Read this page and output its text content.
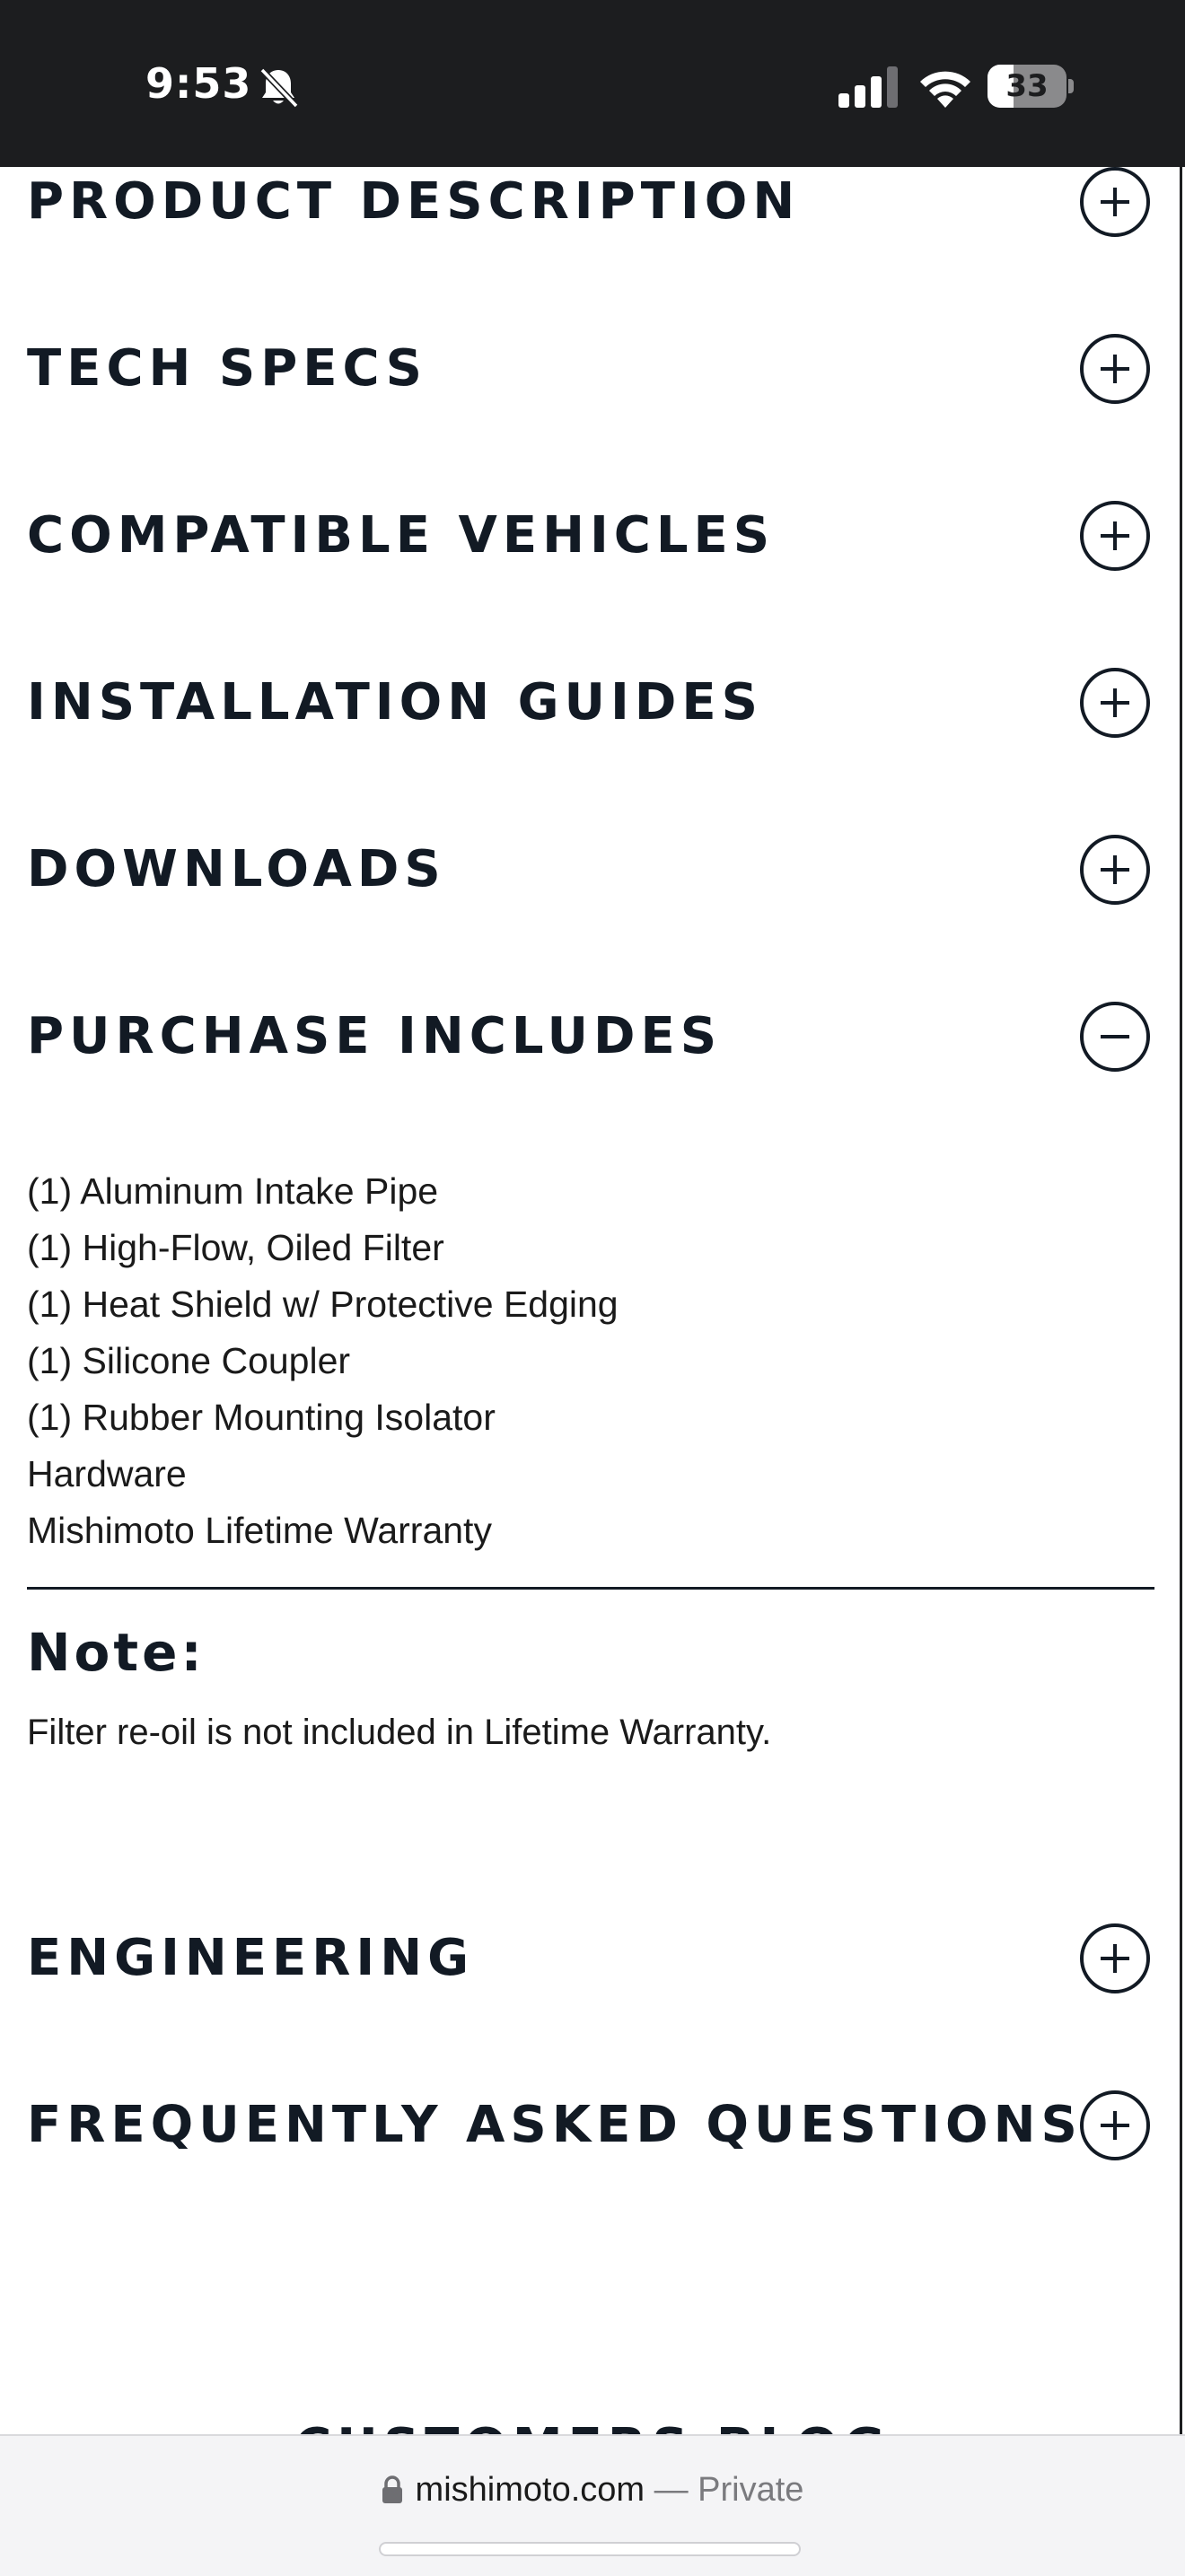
9:53	33
PRODUCT DESCRIPTION
TECH SPECS
COMPATIBLE VEHICLES
INSTALLATION GUIDES
DOWNLOADS
PURCHASE INCLUDES
(1) Aluminum Intake Pipe
(1) High-Flow, Oiled Filter
(1) Heat Shield w/ Protective Edging
(1) Silicone Coupler
(1) Rubber Mounting Isolator
Hardware
Mishimoto Lifetime Warranty
Note:
Filter re-oil is not included in Lifetime Warranty.
ENGINEERING
FREQUENTLY ASKED QUESTIONS
mishimoto.com — Private
